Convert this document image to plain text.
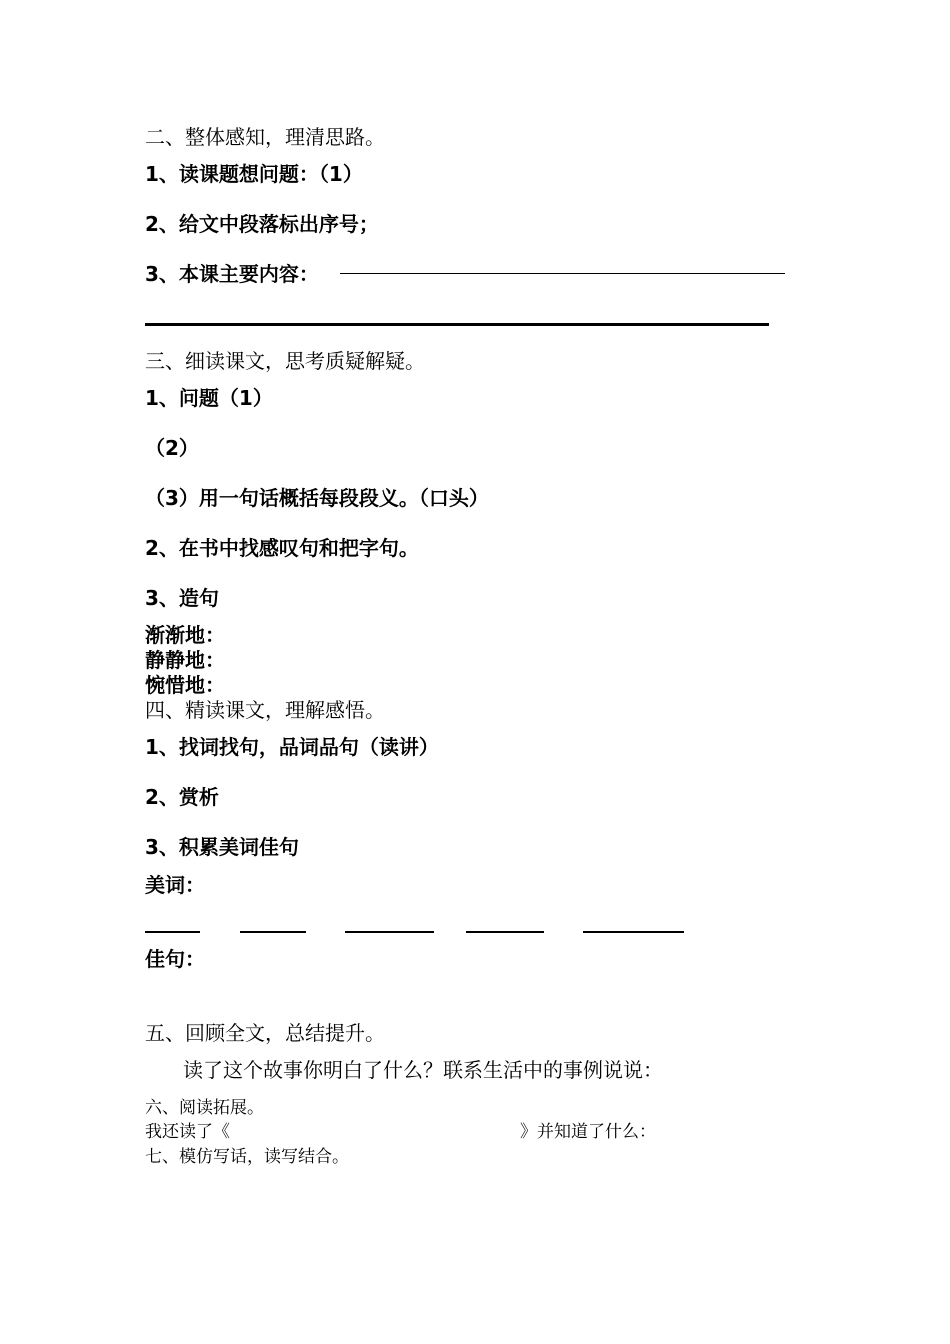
二、整体感知，理清思路。
1、读课题想问题：（1）
2、给文中段落标出序号；
3、本课主要内容：
三、细读课文，思考质疑解疑。
1、问题（1）
（2）
（3）用一句话概括每段段义。（口头）
2、在书中找感叹句和把字句。
3、造句
渐渐地：
静静地：
惋惜地：
四、精读课文，理解感悟。
1、找词找句，品词品句（读讲）
2、赏析
3、积累美词佳句
美词：
佳句：
五、回顾全文，总结提升。
读了这个故事你明白了什么？联系生活中的事例说说：
六、阅读拓展。
我还读了《	》并知道了什么：
七、模仿写话，读写结合。
